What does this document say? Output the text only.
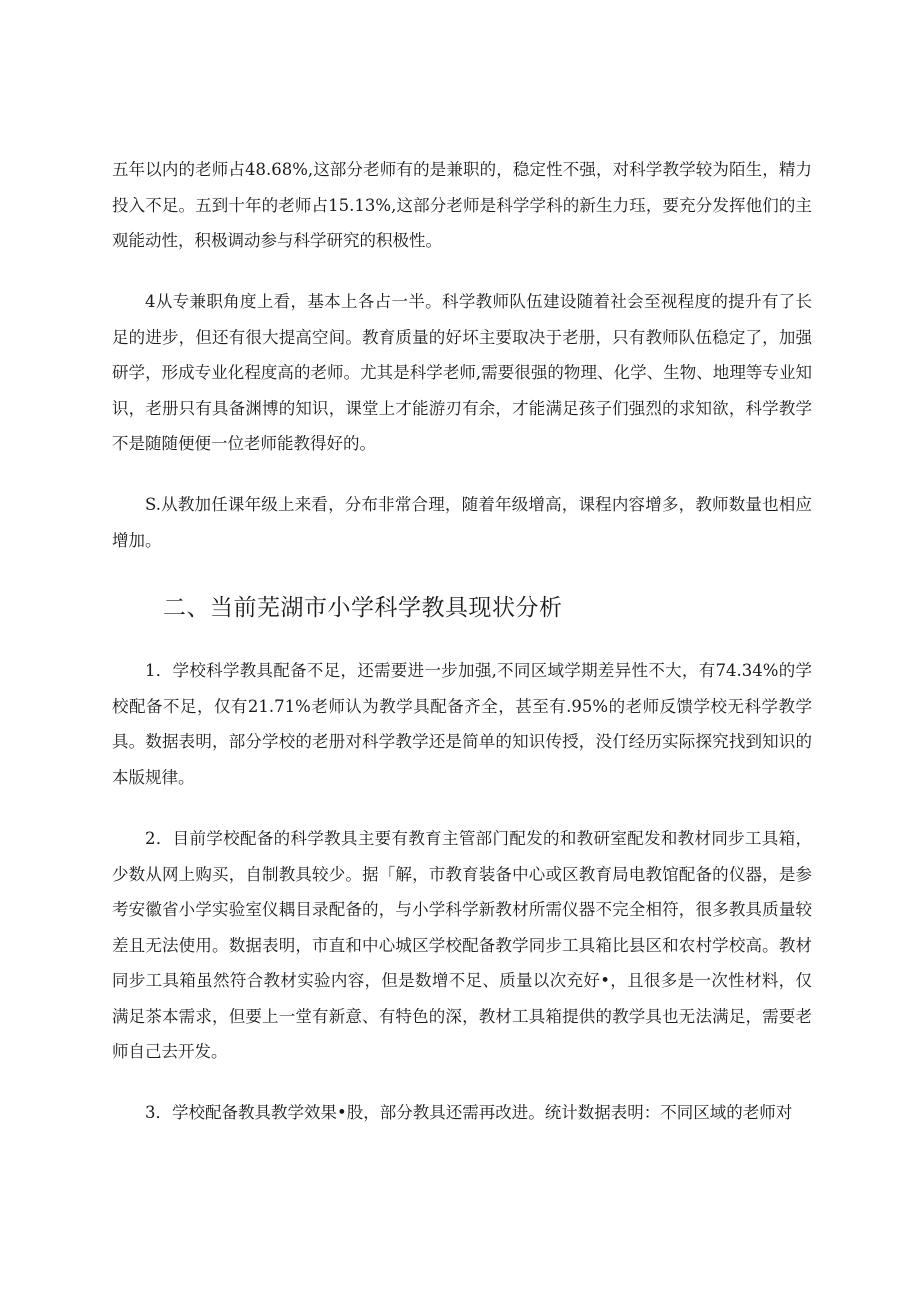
五年以内的老师占48.68%,这部分老师有的是兼职的，稳定性不强，对科学教学较为陌生，精力投入不足。五到十年的老师占15.13%,这部分老师是科学学科的新生力珏，要充分发挥他们的主观能动性，积极调动参与科学研究的积极性。

4从专兼职角度上看，基本上各占一半。科学教师队伍建设随着社会至视程度的提升有了长足的进步，但还有很大提高空间。教育质量的好坏主要取决于老册，只有教师队伍稳定了，加强研学，形成专业化程度高的老师。尤其是科学老师,需要很强的物理、化学、生物、地理等专业知识，老册只有具备渊博的知识，课堂上才能游刃有余，才能满足孩子们强烈的求知欲，科学教学不是随随便便一位老师能教得好的。

S.从教加任课年级上来看，分布非常合理，随着年级增高，课程内容增多，教师数量也相应增加。

二、当前芜湖市小学科学教具现状分析

1．学校科学教具配备不足，还需要进一步加强,不同区域学期差异性不大，有74.34%的学校配备不足，仅有21.71%老师认为教学具配备齐全，甚至有.95%的老师反馈学校无科学教学具。数据表明，部分学校的老册对科学教学还是简单的知识传授，没仃经历实际探究找到知识的本版规律。

2．目前学校配备的科学教具主要有教育主管部门配发的和教研室配发和教材同步工具箱，少数从网上购买，自制教具较少。据「解，市教育装备中心或区教育局电教馆配备的仪器，是参考安徽省小学实验室仪耦目录配备的，与小学科学新教材所需仪器不完全相符，很多教具质量较差且无法使用。数据表明，市直和中心城区学校配备教学同步工具箱比县区和农村学校高。教材同步工具箱虽然符合教材实验内容，但是数增不足、质量以次充好•，且很多是一次性材料，仅满足茶本需求，但要上一堂有新意、有特色的深，教材工具箱提供的教学具也无法满足，需要老师自己去开发。

3．学校配备教具教学效果•股，部分教具还需再改进。统计数据表明：不同区域的老师对
